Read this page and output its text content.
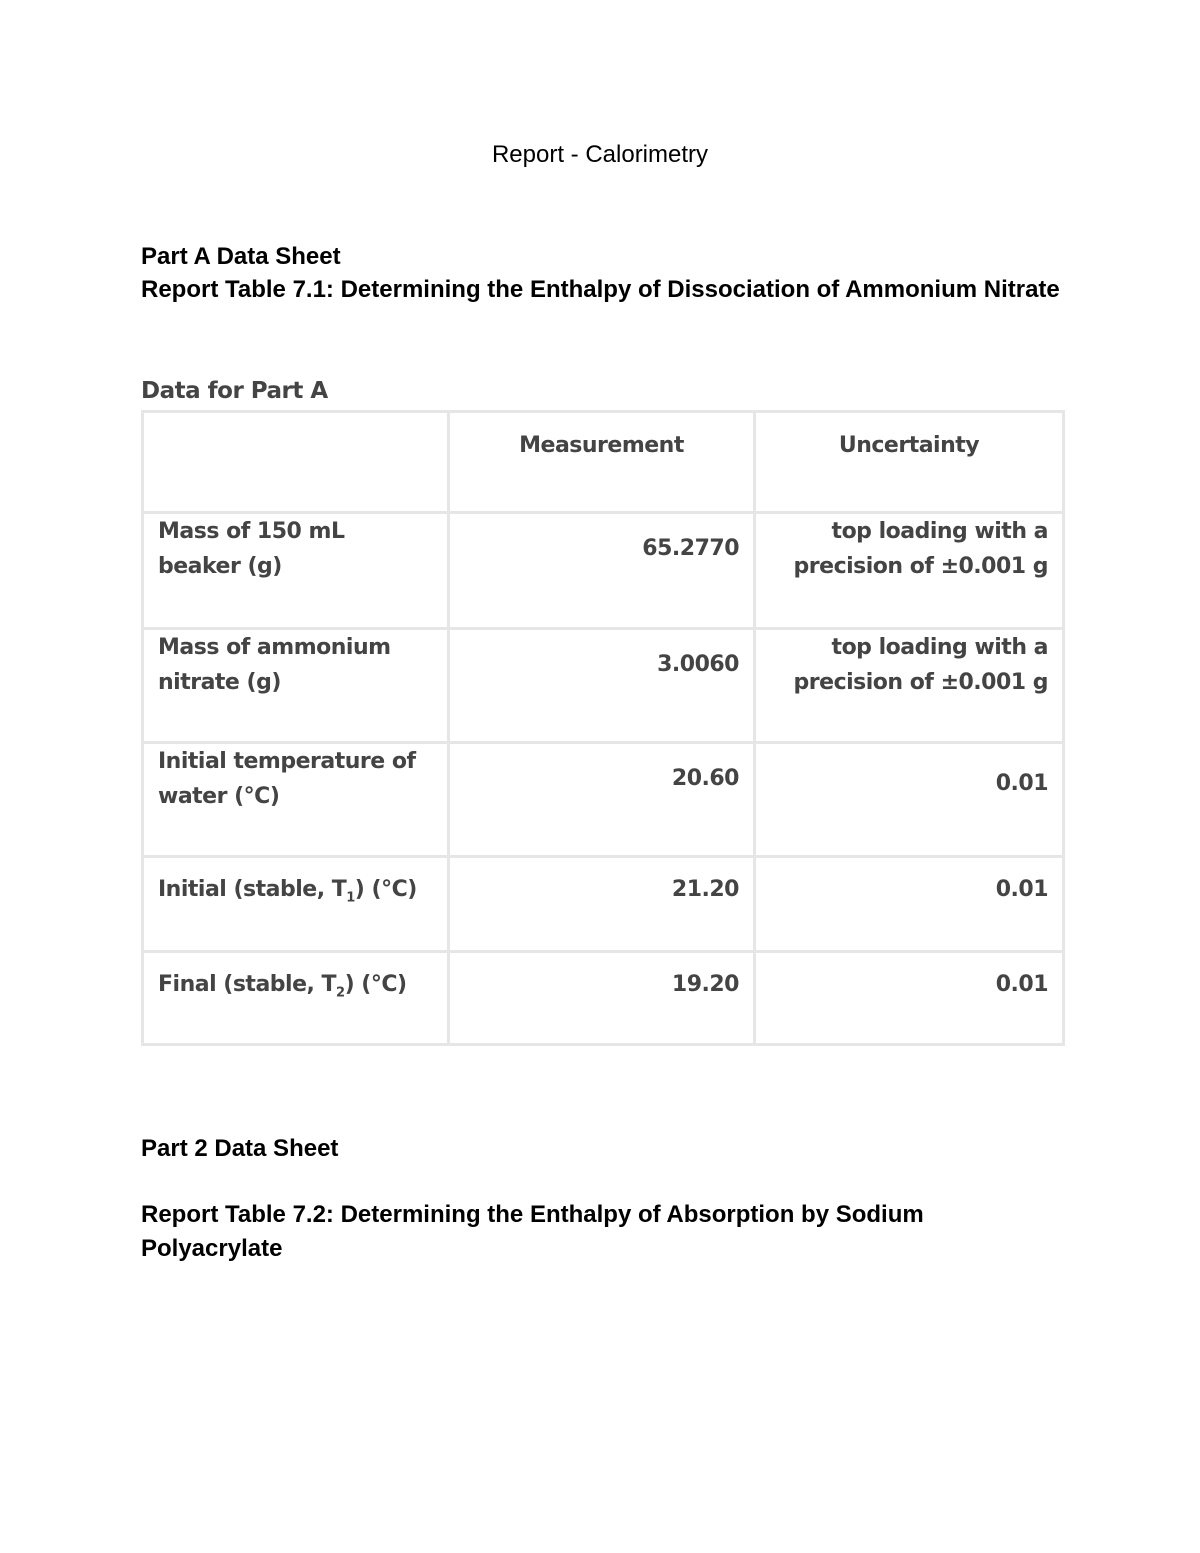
Report - Calorimetry
Part A Data Sheet
Report Table 7.1: Determining the Enthalpy of Dissociation of Ammonium Nitrate
Data for Part A
	Measurement	Uncertainty
Mass of 150 mL beaker (g)	65.2770	top loading with a precision of ±0.001 g
Mass of ammonium nitrate (g)	3.0060	top loading with a precision of ±0.001 g
Initial temperature of water (°C)	20.60	0.01
Initial (stable, $T_1$) (°C)	21.20	0.01
Final (stable, $T_2$) (°C)	19.20	0.01
Part 2 Data Sheet
Report Table 7.2: Determining the Enthalpy of Absorption by Sodium Polyacrylate
